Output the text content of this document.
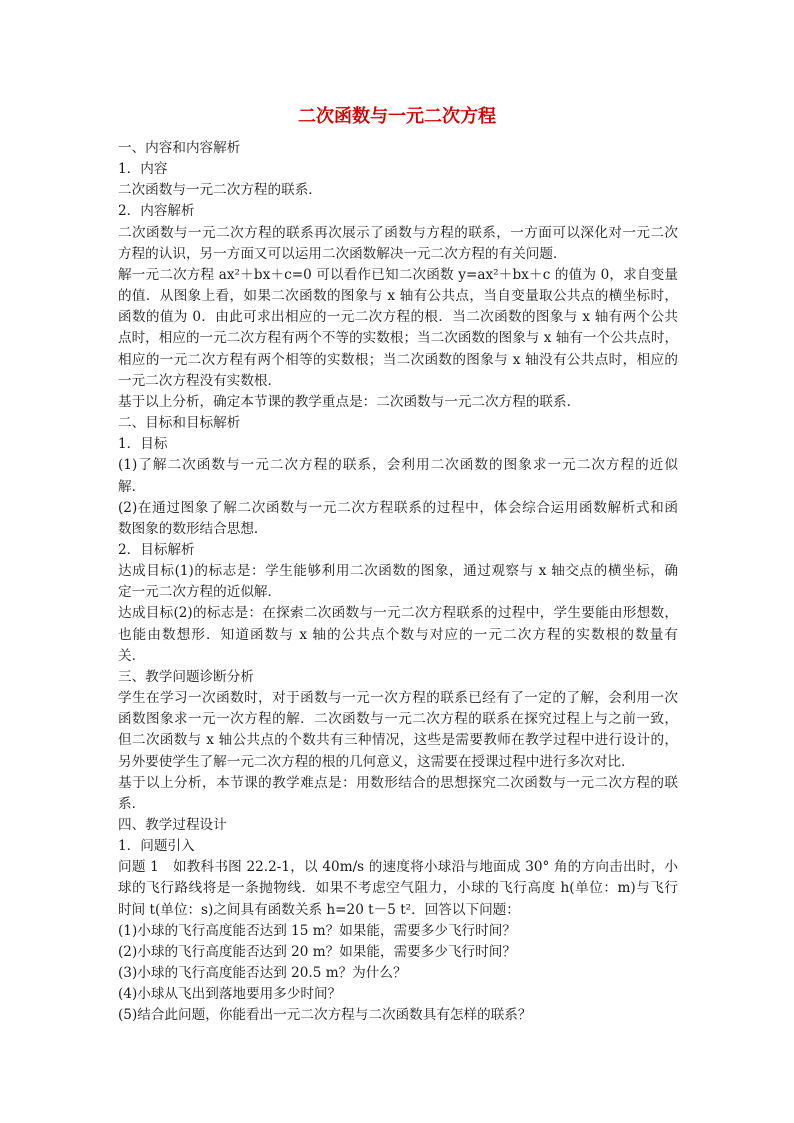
二次函数与一元二次方程
一、内容和内容解析
1．内容
二次函数与一元二次方程的联系．
2．内容解析
二次函数与一元二次方程的联系再次展示了函数与方程的联系，一方面可以深化对一元二次
方程的认识，另一方面又可以运用二次函数解决一元二次方程的有关问题．
解一元二次方程 ax²＋bx＋c=0 可以看作已知二次函数 y=ax²＋bx＋c 的值为 0，求自变量
的值．从图象上看，如果二次函数的图象与 x 轴有公共点，当自变量取公共点的横坐标时，
函数的值为 0．由此可求出相应的一元二次方程的根．当二次函数的图象与 x 轴有两个公共
点时，相应的一元二次方程有两个不等的实数根；当二次函数的图象与 x 轴有一个公共点时，
相应的一元二次方程有两个相等的实数根；当二次函数的图象与 x 轴没有公共点时，相应的
一元二次方程没有实数根．
基于以上分析，确定本节课的教学重点是：二次函数与一元二次方程的联系．
二、目标和目标解析
1．目标
(1)了解二次函数与一元二次方程的联系，会利用二次函数的图象求一元二次方程的近似
解．
(2)在通过图象了解二次函数与一元二次方程联系的过程中，体会综合运用函数解析式和函
数图象的数形结合思想．
2．目标解析
达成目标(1)的标志是：学生能够利用二次函数的图象，通过观察与 x 轴交点的横坐标，确
定一元二次方程的近似解．
达成目标(2)的标志是：在探索二次函数与一元二次方程联系的过程中，学生要能由形想数，
也能由数想形．知道函数与 x 轴的公共点个数与对应的一元二次方程的实数根的数量有
关．
三、教学问题诊断分析
学生在学习一次函数时，对于函数与一元一次方程的联系已经有了一定的了解，会利用一次
函数图象求一元一次方程的解．二次函数与一元二次方程的联系在探究过程上与之前一致，
但二次函数与 x 轴公共点的个数共有三种情况，这些是需要教师在教学过程中进行设计的，
另外要使学生了解一元二次方程的根的几何意义，这需要在授课过程中进行多次对比．
基于以上分析，本节课的教学难点是：用数形结合的思想探究二次函数与一元二次方程的联
系．
四、教学过程设计
1．问题引入
问题 1　如教科书图 22.2-1，以 40m/s 的速度将小球沿与地面成 30° 角的方向击出时，小
球的飞行路线将是一条抛物线．如果不考虑空气阻力，小球的飞行高度 h(单位：m)与飞行
时间 t(单位：s)之间具有函数关系 h=20 t－5 t²．回答以下问题：
(1)小球的飞行高度能否达到 15 m？如果能，需要多少飞行时间？
(2)小球的飞行高度能否达到 20 m？如果能，需要多少飞行时间？
(3)小球的飞行高度能否达到 20.5 m？为什么？
(4)小球从飞出到落地要用多少时间？
(5)结合此问题，你能看出一元二次方程与二次函数具有怎样的联系？
